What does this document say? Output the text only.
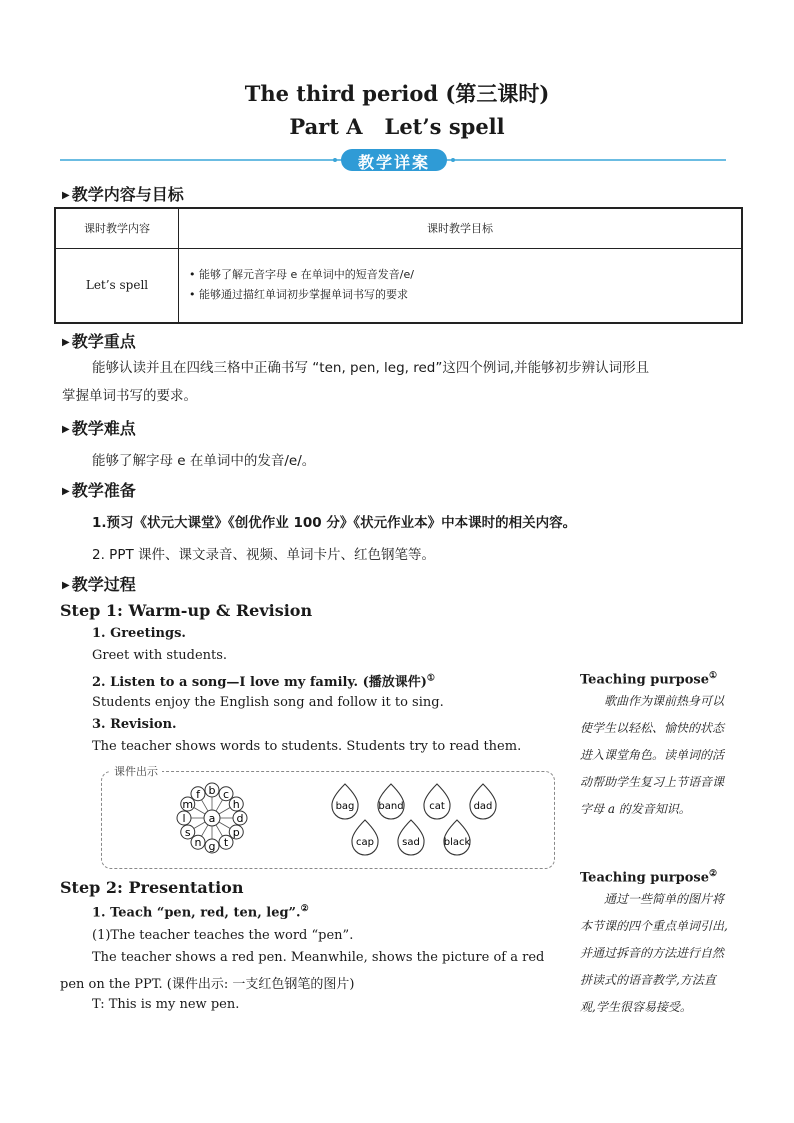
The third period (第三课时)
Part A Let’s spell
教学详案
▶ 教学内容与目标
课时教学内容	课时教学目标
Let’s spell	• 能够了解元音字母 e 在单词中的短音发音/e/
• 能够通过描红单词初步掌握单词书写的要求
▶ 教学重点
能够认读并且在四线三格中正确书写 “ten, pen, leg, red”这四个例词,并能够初步辨认词形且
掌握单词书写的要求。
▶ 教学难点
能够了解字母 e 在单词中的发音/e/。
▶ 教学准备
1.预习《状元大课堂》《创优作业 100 分》《状元作业本》中本课时的相关内容。
2. PPT 课件、课文录音、视频、单词卡片、红色钢笔等。
▶ 教学过程
Step 1: Warm-up & Revision
1. Greetings.
Greet with students.
2. Listen to a song—I love my family. (播放课件)①
Students enjoy the English song and follow it to sing.
3. Revision.
The teacher shows words to students. Students try to read them.
课件出示
a
b c
h
d
p
t
g
n
s
l
m
f
bag band	cat	dad
cap	sad black
Step 2: Presentation
1. Teach “pen, red, ten, leg”.②
(1)The teacher teaches the word “pen”.
The teacher shows a red pen. Meanwhile, shows the picture of a red
pen on the PPT. (课件出示: 一支红色钢笔的图片)
T: This is my new pen.
Teaching purpose①
歌曲作为课前热身可以
使学生以轻松、愉快的状态
进入课堂角色。读单词的活
动帮助学生复习上节语音课
字母 a 的发音知识。
Teaching purpose②
通过一些简单的图片将
本节课的四个重点单词引出,
并通过拆音的方法进行自然
拼读式的语音教学,方法直
观,学生很容易接受。
